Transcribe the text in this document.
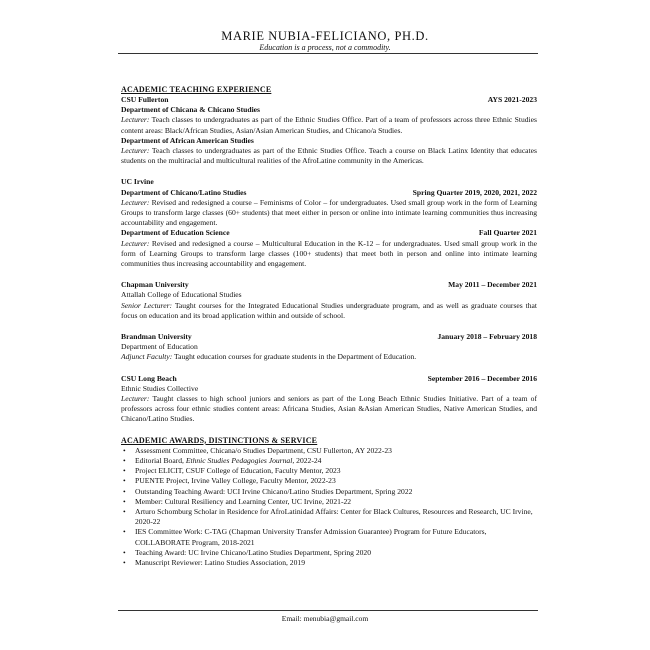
MARIE NUBIA-FELICIANO, PH.D.
Education is a process, not a commodity.
ACADEMIC TEACHING EXPERIENCE
CSU Fullerton	AYS 2021-2023
Department of Chicana & Chicano Studies
Lecturer: Teach classes to undergraduates as part of the Ethnic Studies Office. Part of a team of professors across three Ethnic Studies content areas: Black/African Studies, Asian/Asian American Studies, and Chicano/a Studies.
Department of African American Studies
Lecturer: Teach classes to undergraduates as part of the Ethnic Studies Office. Teach a course on Black Latinx Identity that educates students on the multiracial and multicultural realities of the AfroLatine community in the Americas.
UC Irvine
Department of Chicano/Latino Studies	Spring Quarter 2019, 2020, 2021, 2022
Lecturer: Revised and redesigned a course – Feminisms of Color – for undergraduates. Used small group work in the form of Learning Groups to transform large classes (60+ students) that meet either in person or online into intimate learning communities thus increasing accountability and engagement.
Department of Education Science	Fall Quarter 2021
Lecturer: Revised and redesigned a course – Multicultural Education in the K-12 – for undergraduates. Used small group work in the form of Learning Groups to transform large classes (100+ students) that meet both in person and online into intimate learning communities thus increasing accountability and engagement.
Chapman University	May 2011 – December 2021
Attallah College of Educational Studies
Senior Lecturer: Taught courses for the Integrated Educational Studies undergraduate program, and as well as graduate courses that focus on education and its broad application within and outside of school.
Brandman University	January 2018 – February 2018
Department of Education
Adjunct Faculty: Taught education courses for graduate students in the Department of Education.
CSU Long Beach	September 2016 – December 2016
Ethnic Studies Collective
Lecturer: Taught classes to high school juniors and seniors as part of the Long Beach Ethnic Studies Initiative. Part of a team of professors across four ethnic studies content areas: Africana Studies, Asian &Asian American Studies, Native American Studies, and Chicano/Latino Studies.
ACADEMIC AWARDS, DISTINCTIONS & SERVICE
• Assessment Committee, Chicana/o Studies Department, CSU Fullerton, AY 2022-23
• Editorial Board, Ethnic Studies Pedagogies Journal, 2022-24
• Project ELICIT, CSUF College of Education, Faculty Mentor, 2023
• PUENTE Project, Irvine Valley College, Faculty Mentor, 2022-23
• Outstanding Teaching Award: UCI Irvine Chicano/Latino Studies Department, Spring 2022
• Member: Cultural Resiliency and Learning Center, UC Irvine, 2021-22
• Arturo Schomburg Scholar in Residence for AfroLatinidad Affairs: Center for Black Cultures, Resources and Research, UC Irvine, 2020-22
• IES Committee Work: C-TAG (Chapman University Transfer Admission Guarantee) Program for Future Educators, COLLABORATE Program, 2018-2021
• Teaching Award: UC Irvine Chicano/Latino Studies Department, Spring 2020
• Manuscript Reviewer: Latino Studies Association, 2019
Email: menubia@gmail.com
